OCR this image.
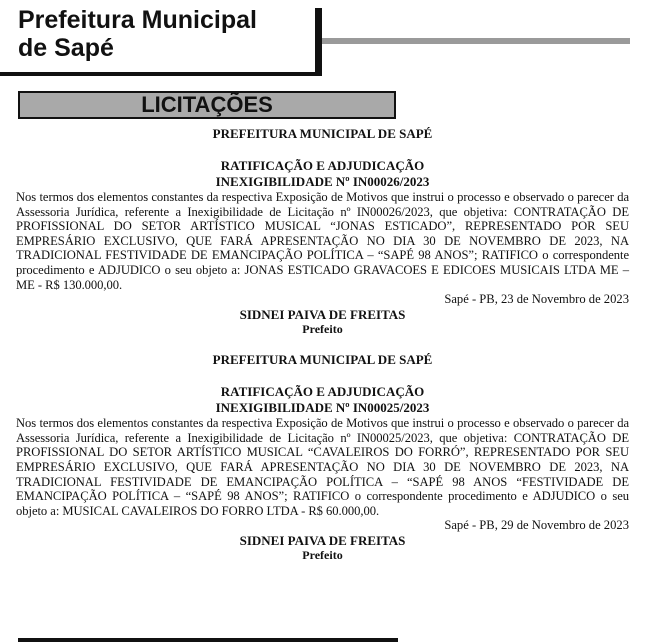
Prefeitura Municipal
de Sapé
LICITAÇÕES

PREFEITURA MUNICIPAL DE SAPÉ

RATIFICAÇÃO E ADJUDICAÇÃO

INEXIGIBILIDADE Nº IN00026/2023

Nos termos dos elementos constantes da respectiva Exposição de Motivos que instrui o processo e observado o parecer da Assessoria Jurídica, referente a Inexigibilidade de Licitação nº IN00026/2023, que objetiva: CONTRATAÇÃO DE PROFISSIONAL DO SETOR ARTÍSTICO MUSICAL “JONAS ESTICADO”, REPRESENTADO POR SEU EMPRESÁRIO EXCLUSIVO, QUE FARÁ APRESENTAÇÃO NO DIA 30 DE NOVEMBRO DE 2023, NA TRADICIONAL FESTIVIDADE DE EMANCIPAÇÃO POLÍTICA – “SAPÉ 98 ANOS”; RATIFICO o correspondente procedimento e ADJUDICO o seu objeto a: JONAS ESTICADO GRAVACOES E EDICOES MUSICAIS LTDA ME – ME - R$ 130.000,00.

Sapé - PB, 23 de Novembro de 2023

SIDNEI PAIVA DE FREITAS

Prefeito

PREFEITURA MUNICIPAL DE SAPÉ

RATIFICAÇÃO E ADJUDICAÇÃO

INEXIGIBILIDADE Nº IN00025/2023

Nos termos dos elementos constantes da respectiva Exposição de Motivos que instrui o processo e observado o parecer da Assessoria Jurídica, referente a Inexigibilidade de Licitação nº IN00025/2023, que objetiva: CONTRATAÇÃO DE PROFISSIONAL DO SETOR ARTÍSTICO MUSICAL “CAVALEIROS DO FORRÓ”, REPRESENTADO POR SEU EMPRESÁRIO EXCLUSIVO, QUE FARÁ APRESENTAÇÃO NO DIA 30 DE NOVEMBRO DE 2023, NA TRADICIONAL FESTIVIDADE DE EMANCIPAÇÃO POLÍTICA – “SAPÉ 98 ANOS “FESTIVIDADE DE EMANCIPAÇÃO POLÍTICA – “SAPÉ 98 ANOS”; RATIFICO o correspondente procedimento e ADJUDICO o seu objeto a: MUSICAL CAVALEIROS DO FORRO LTDA - R$ 60.000,00.

Sapé - PB, 29 de Novembro de 2023

SIDNEI PAIVA DE FREITAS

Prefeito
